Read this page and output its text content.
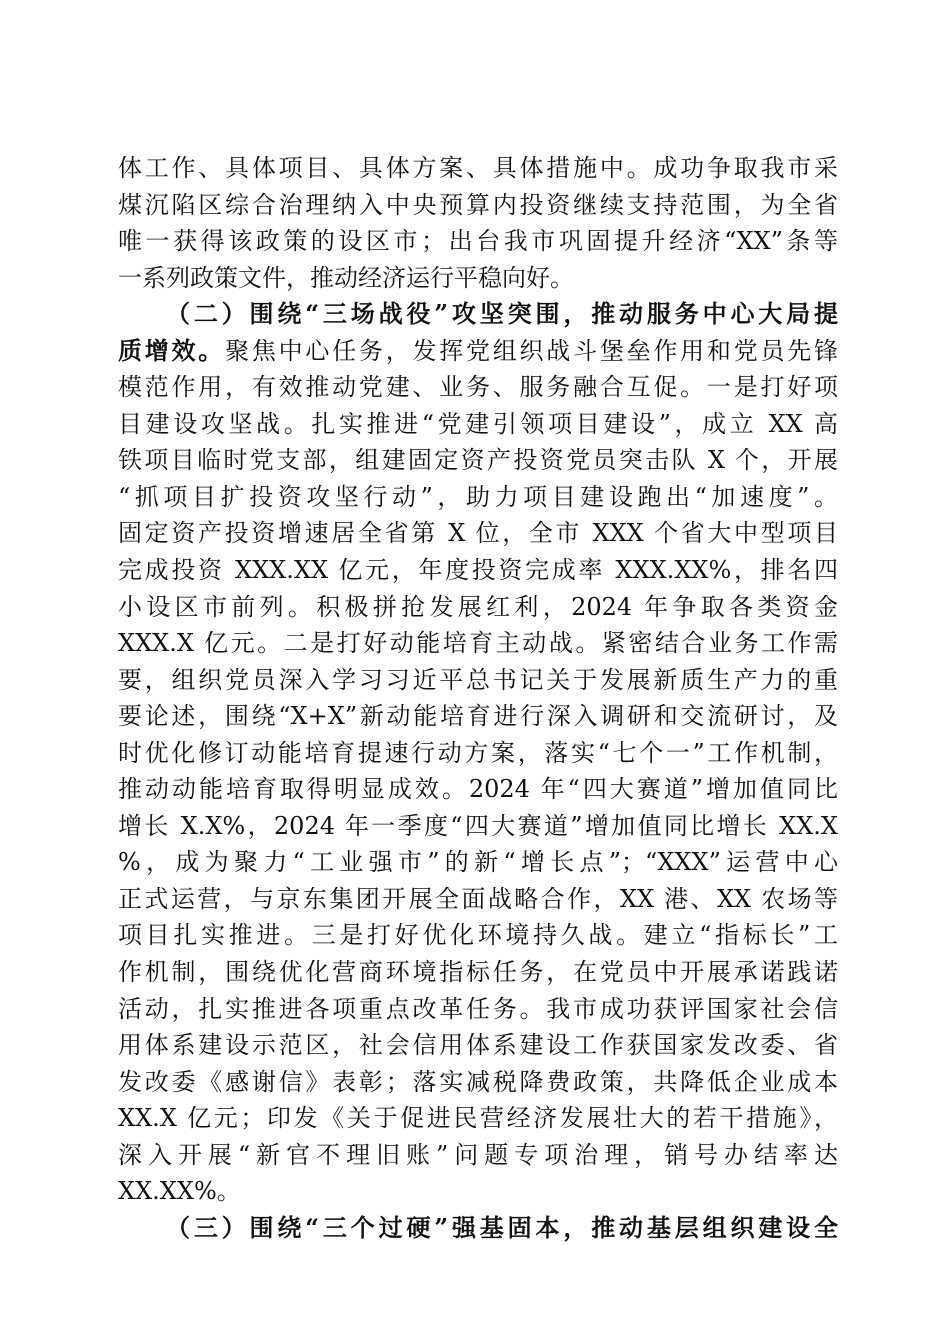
体工作、具体项目、具体方案、具体措施中。成功争取我市采
煤沉陷区综合治理纳入中央预算内投资继续支持范围，为全省
唯一获得该政策的设区市；出台我市巩固提升经济“XX”条等
一系列政策文件，推动经济运行平稳向好。
（二）围绕“三场战役”攻坚突围，推动服务中心大局提
质增效。聚焦中心任务，发挥党组织战斗堡垒作用和党员先锋
模范作用，有效推动党建、业务、服务融合互促。一是打好项
目建设攻坚战。扎实推进“党建引领项目建设”，成立 XX 高
铁项目临时党支部，组建固定资产投资党员突击队 X 个，开展
“抓项目扩投资攻坚行动”，助力项目建设跑出“加速度”。
固定资产投资增速居全省第 X 位，全市 XXX 个省大中型项目
完成投资 XXX.XX 亿元，年度投资完成率 XXX.XX%，排名四
小设区市前列。积极拼抢发展红利，2024 年争取各类资金
XXX.X 亿元。二是打好动能培育主动战。紧密结合业务工作需
要，组织党员深入学习习近平总书记关于发展新质生产力的重
要论述，围绕“X+X”新动能培育进行深入调研和交流研讨，及
时优化修订动能培育提速行动方案，落实“七个一”工作机制，
推动动能培育取得明显成效。2024 年“四大赛道”增加值同比
增长 X.X%，2024 年一季度“四大赛道”增加值同比增长 XX.X
%，成为聚力“工业强市”的新“增长点”；“XXX”运营中心
正式运营，与京东集团开展全面战略合作，XX 港、XX 农场等
项目扎实推进。三是打好优化环境持久战。建立“指标长”工
作机制，围绕优化营商环境指标任务，在党员中开展承诺践诺
活动，扎实推进各项重点改革任务。我市成功获评国家社会信
用体系建设示范区，社会信用体系建设工作获国家发改委、省
发改委《感谢信》表彰；落实减税降费政策，共降低企业成本
XX.X 亿元；印发《关于促进民营经济发展壮大的若干措施》，
深入开展“新官不理旧账”问题专项治理，销号办结率达
XX.XX%。
（三）围绕“三个过硬”强基固本，推动基层组织建设全
